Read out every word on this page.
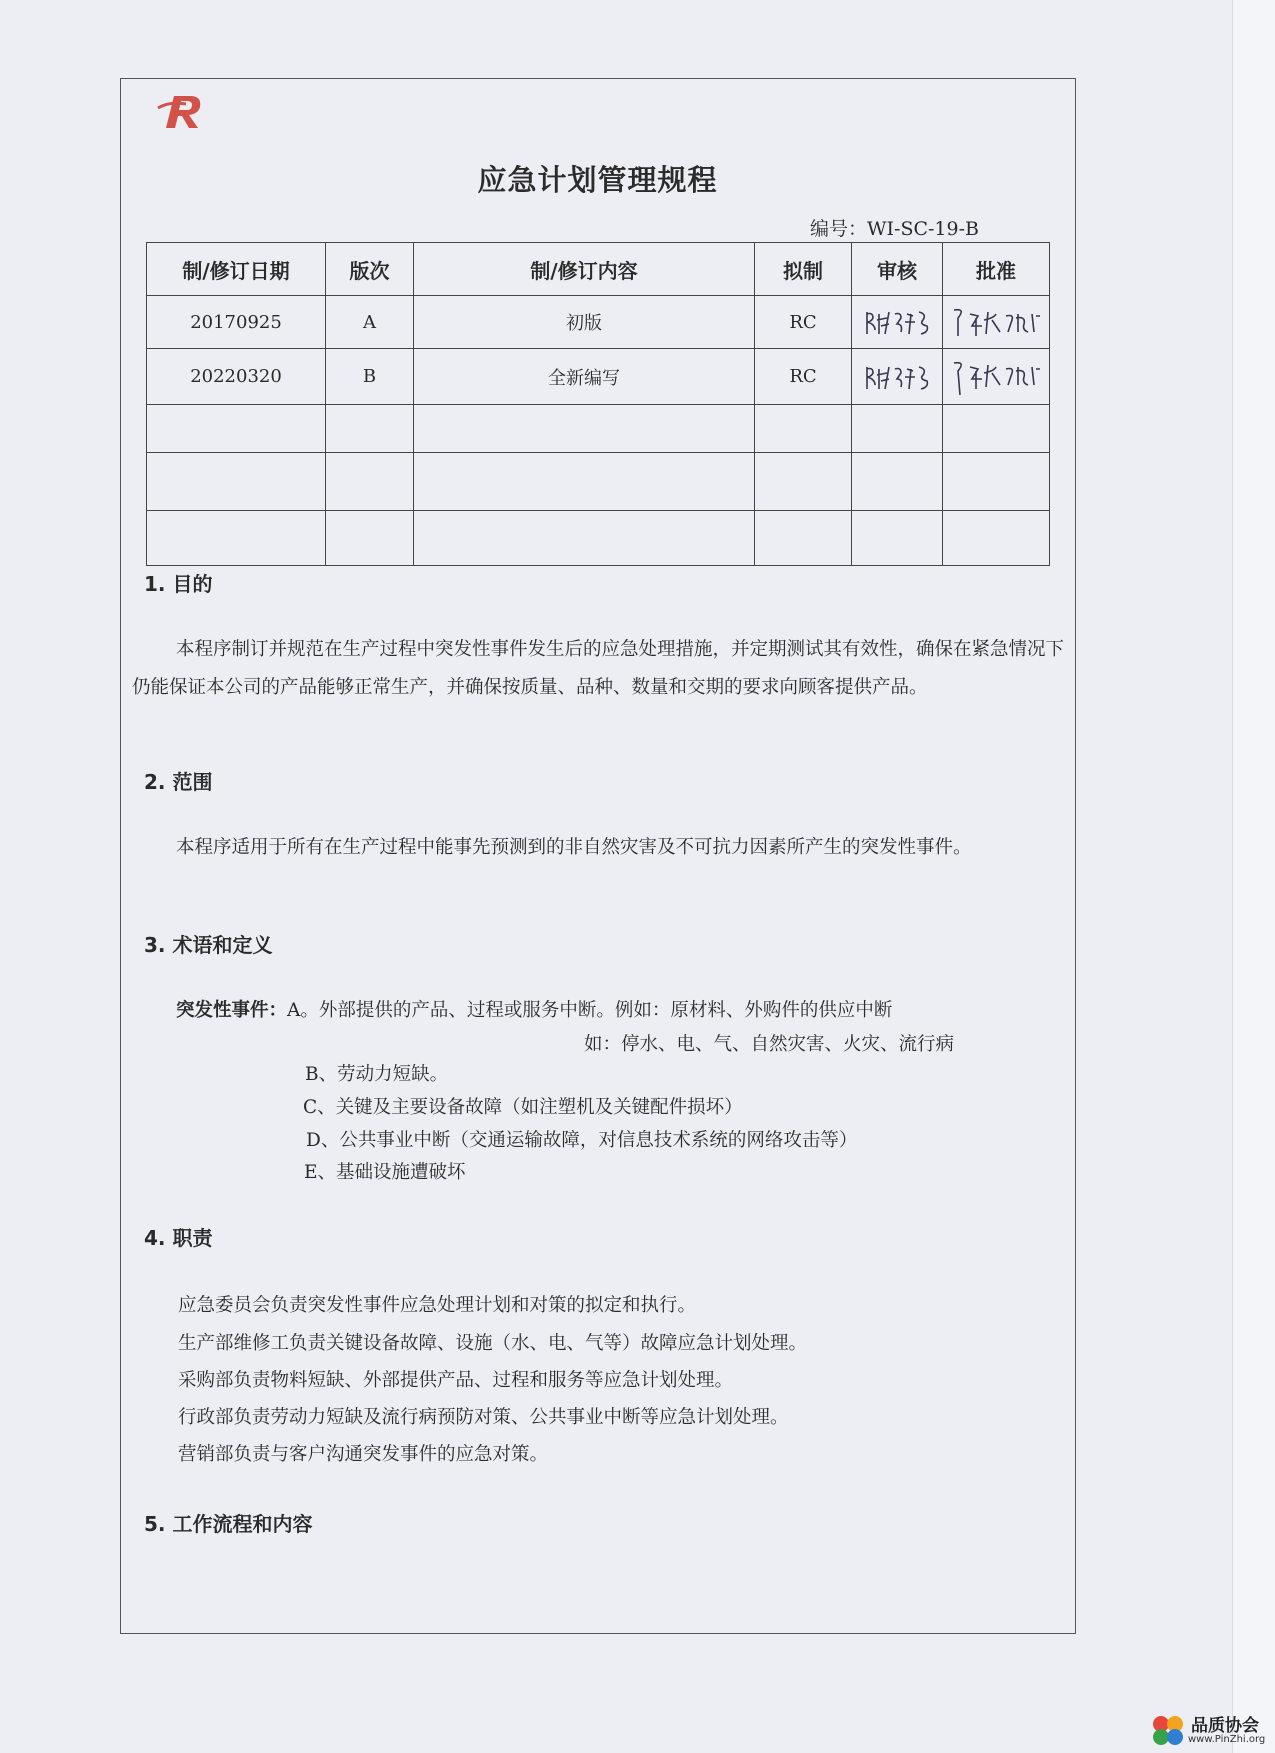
应急计划管理规程
编号：WI-SC-19-B
制/修订日期	版次	制/修订内容	拟制	审核	批准
20170925	A	初版	RC	

20220320	B	全新编写	RC	

1. 目的
本程序制订并规范在生产过程中突发性事件发生后的应急处理措施，并定期测试其有效性，确保在紧急情况下仍能保证本公司的产品能够正常生产，并确保按质量、品种、数量和交期的要求向顾客提供产品。
2. 范围
本程序适用于所有在生产过程中能事先预测到的非自然灾害及不可抗力因素所产生的突发性事件。
3. 术语和定义
突发性事件：A。外部提供的产品、过程或服务中断。例如：原材料、外购件的供应中断
如：停水、电、气、自然灾害、火灾、流行病
B、劳动力短缺。
C、关键及主要设备故障（如注塑机及关键配件损坏）
D、公共事业中断（交通运输故障，对信息技术系统的网络攻击等）
E、基础设施遭破坏
4. 职责
应急委员会负责突发性事件应急处理计划和对策的拟定和执行。
生产部维修工负责关键设备故障、设施（水、电、气等）故障应急计划处理。
采购部负责物料短缺、外部提供产品、过程和服务等应急计划处理。
行政部负责劳动力短缺及流行病预防对策、公共事业中断等应急计划处理。
营销部负责与客户沟通突发事件的应急对策。
5. 工作流程和内容
品质协会
www.PinZhi.org
